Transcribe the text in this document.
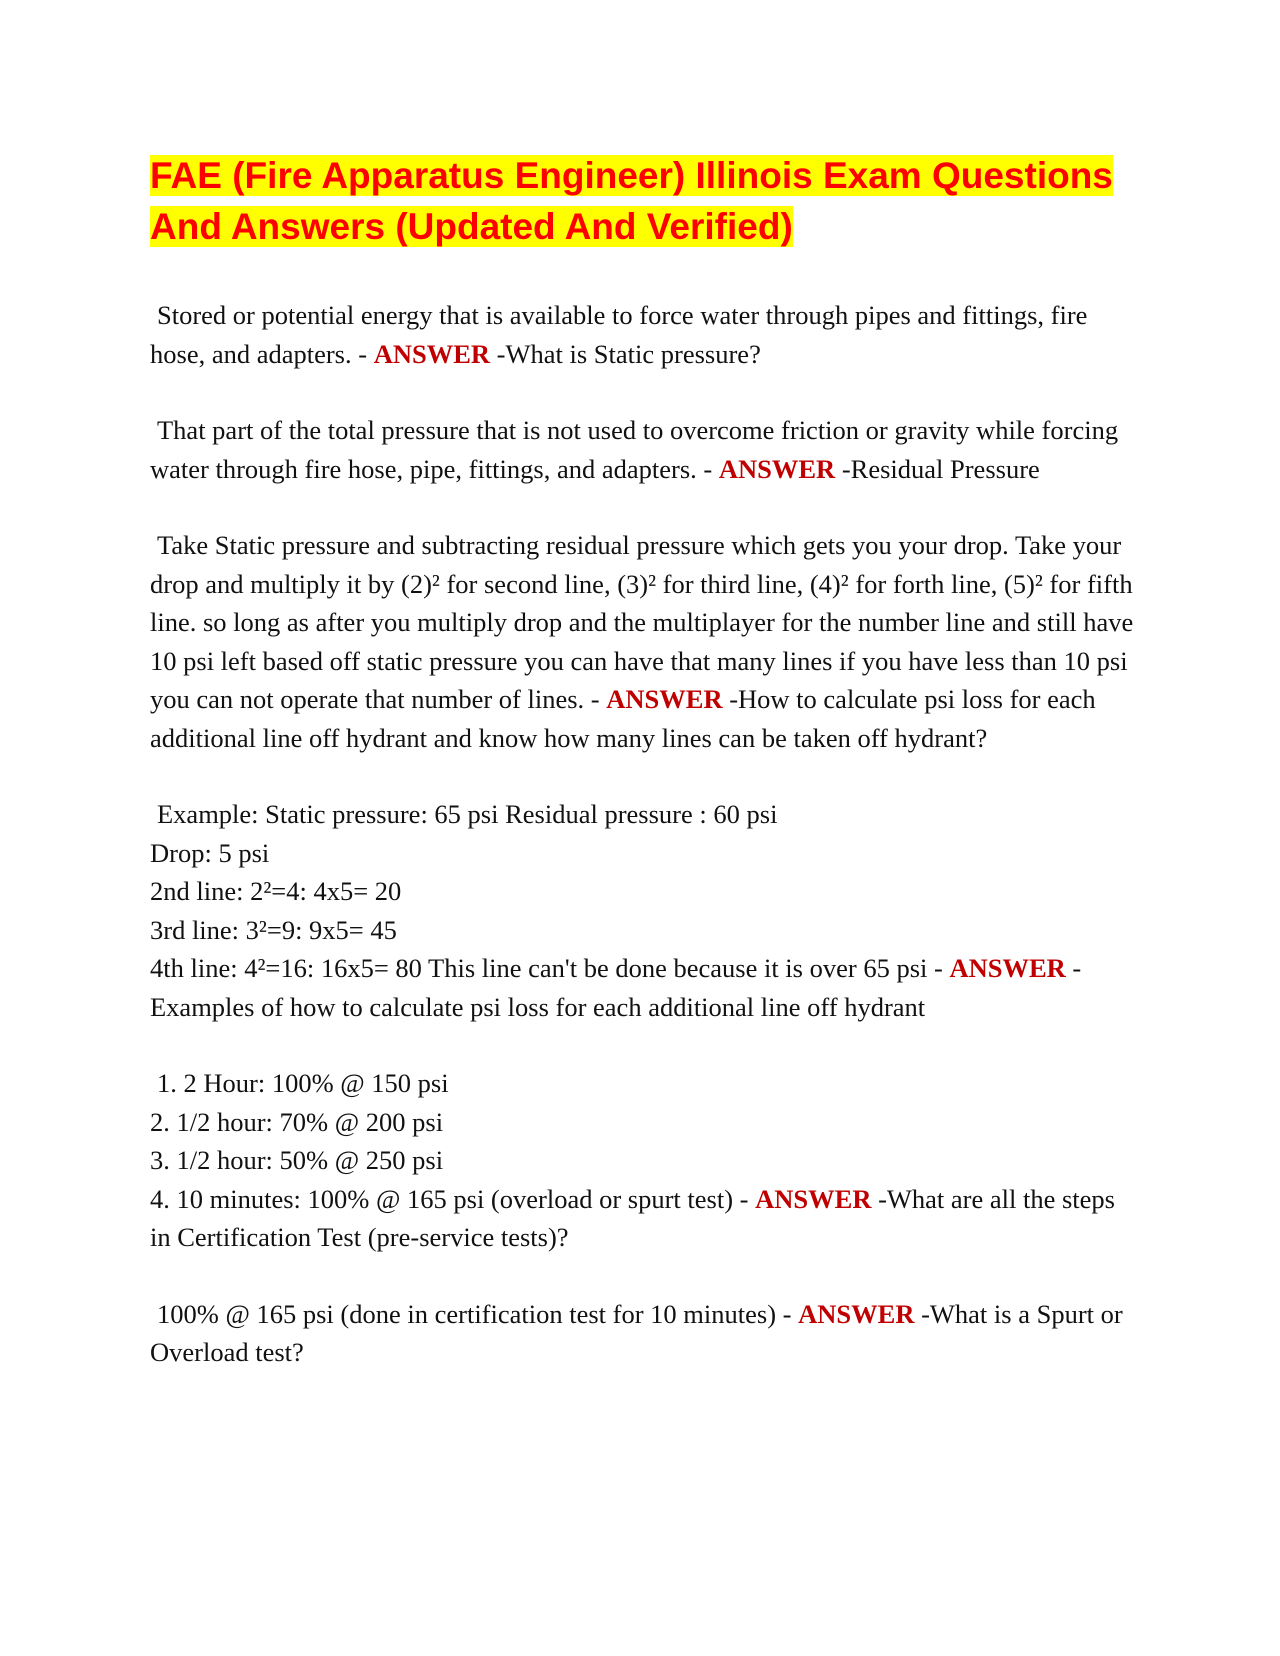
FAE (Fire Apparatus Engineer) Illinois Exam Questions And Answers (Updated And Verified)

Stored or potential energy that is available to force water through pipes and fittings, fire hose, and adapters. - ANSWER -What is Static pressure?

That part of the total pressure that is not used to overcome friction or gravity while forcing water through fire hose, pipe, fittings, and adapters. - ANSWER -Residual Pressure

Take Static pressure and subtracting residual pressure which gets you your drop. Take your drop and multiply it by (2)² for second line, (3)² for third line, (4)² for forth line, (5)² for fifth line. so long as after you multiply drop and the multiplayer for the number line and still have 10 psi left based off static pressure you can have that many lines if you have less than 10 psi you can not operate that number of lines. - ANSWER -How to calculate psi loss for each additional line off hydrant and know how many lines can be taken off hydrant?

Example: Static pressure: 65 psi Residual pressure : 60 psi
Drop: 5 psi
2nd line: 2²=4: 4x5= 20
3rd line: 3²=9: 9x5= 45
4th line: 4²=16: 16x5= 80 This line can't be done because it is over 65 psi - ANSWER -Examples of how to calculate psi loss for each additional line off hydrant

1. 2 Hour: 100% @ 150 psi
2. 1/2 hour: 70% @ 200 psi
3. 1/2 hour: 50% @ 250 psi
4. 10 minutes: 100% @ 165 psi (overload or spurt test) - ANSWER -What are all the steps in Certification Test (pre-service tests)?

100% @ 165 psi (done in certification test for 10 minutes) - ANSWER -What is a Spurt or Overload test?
